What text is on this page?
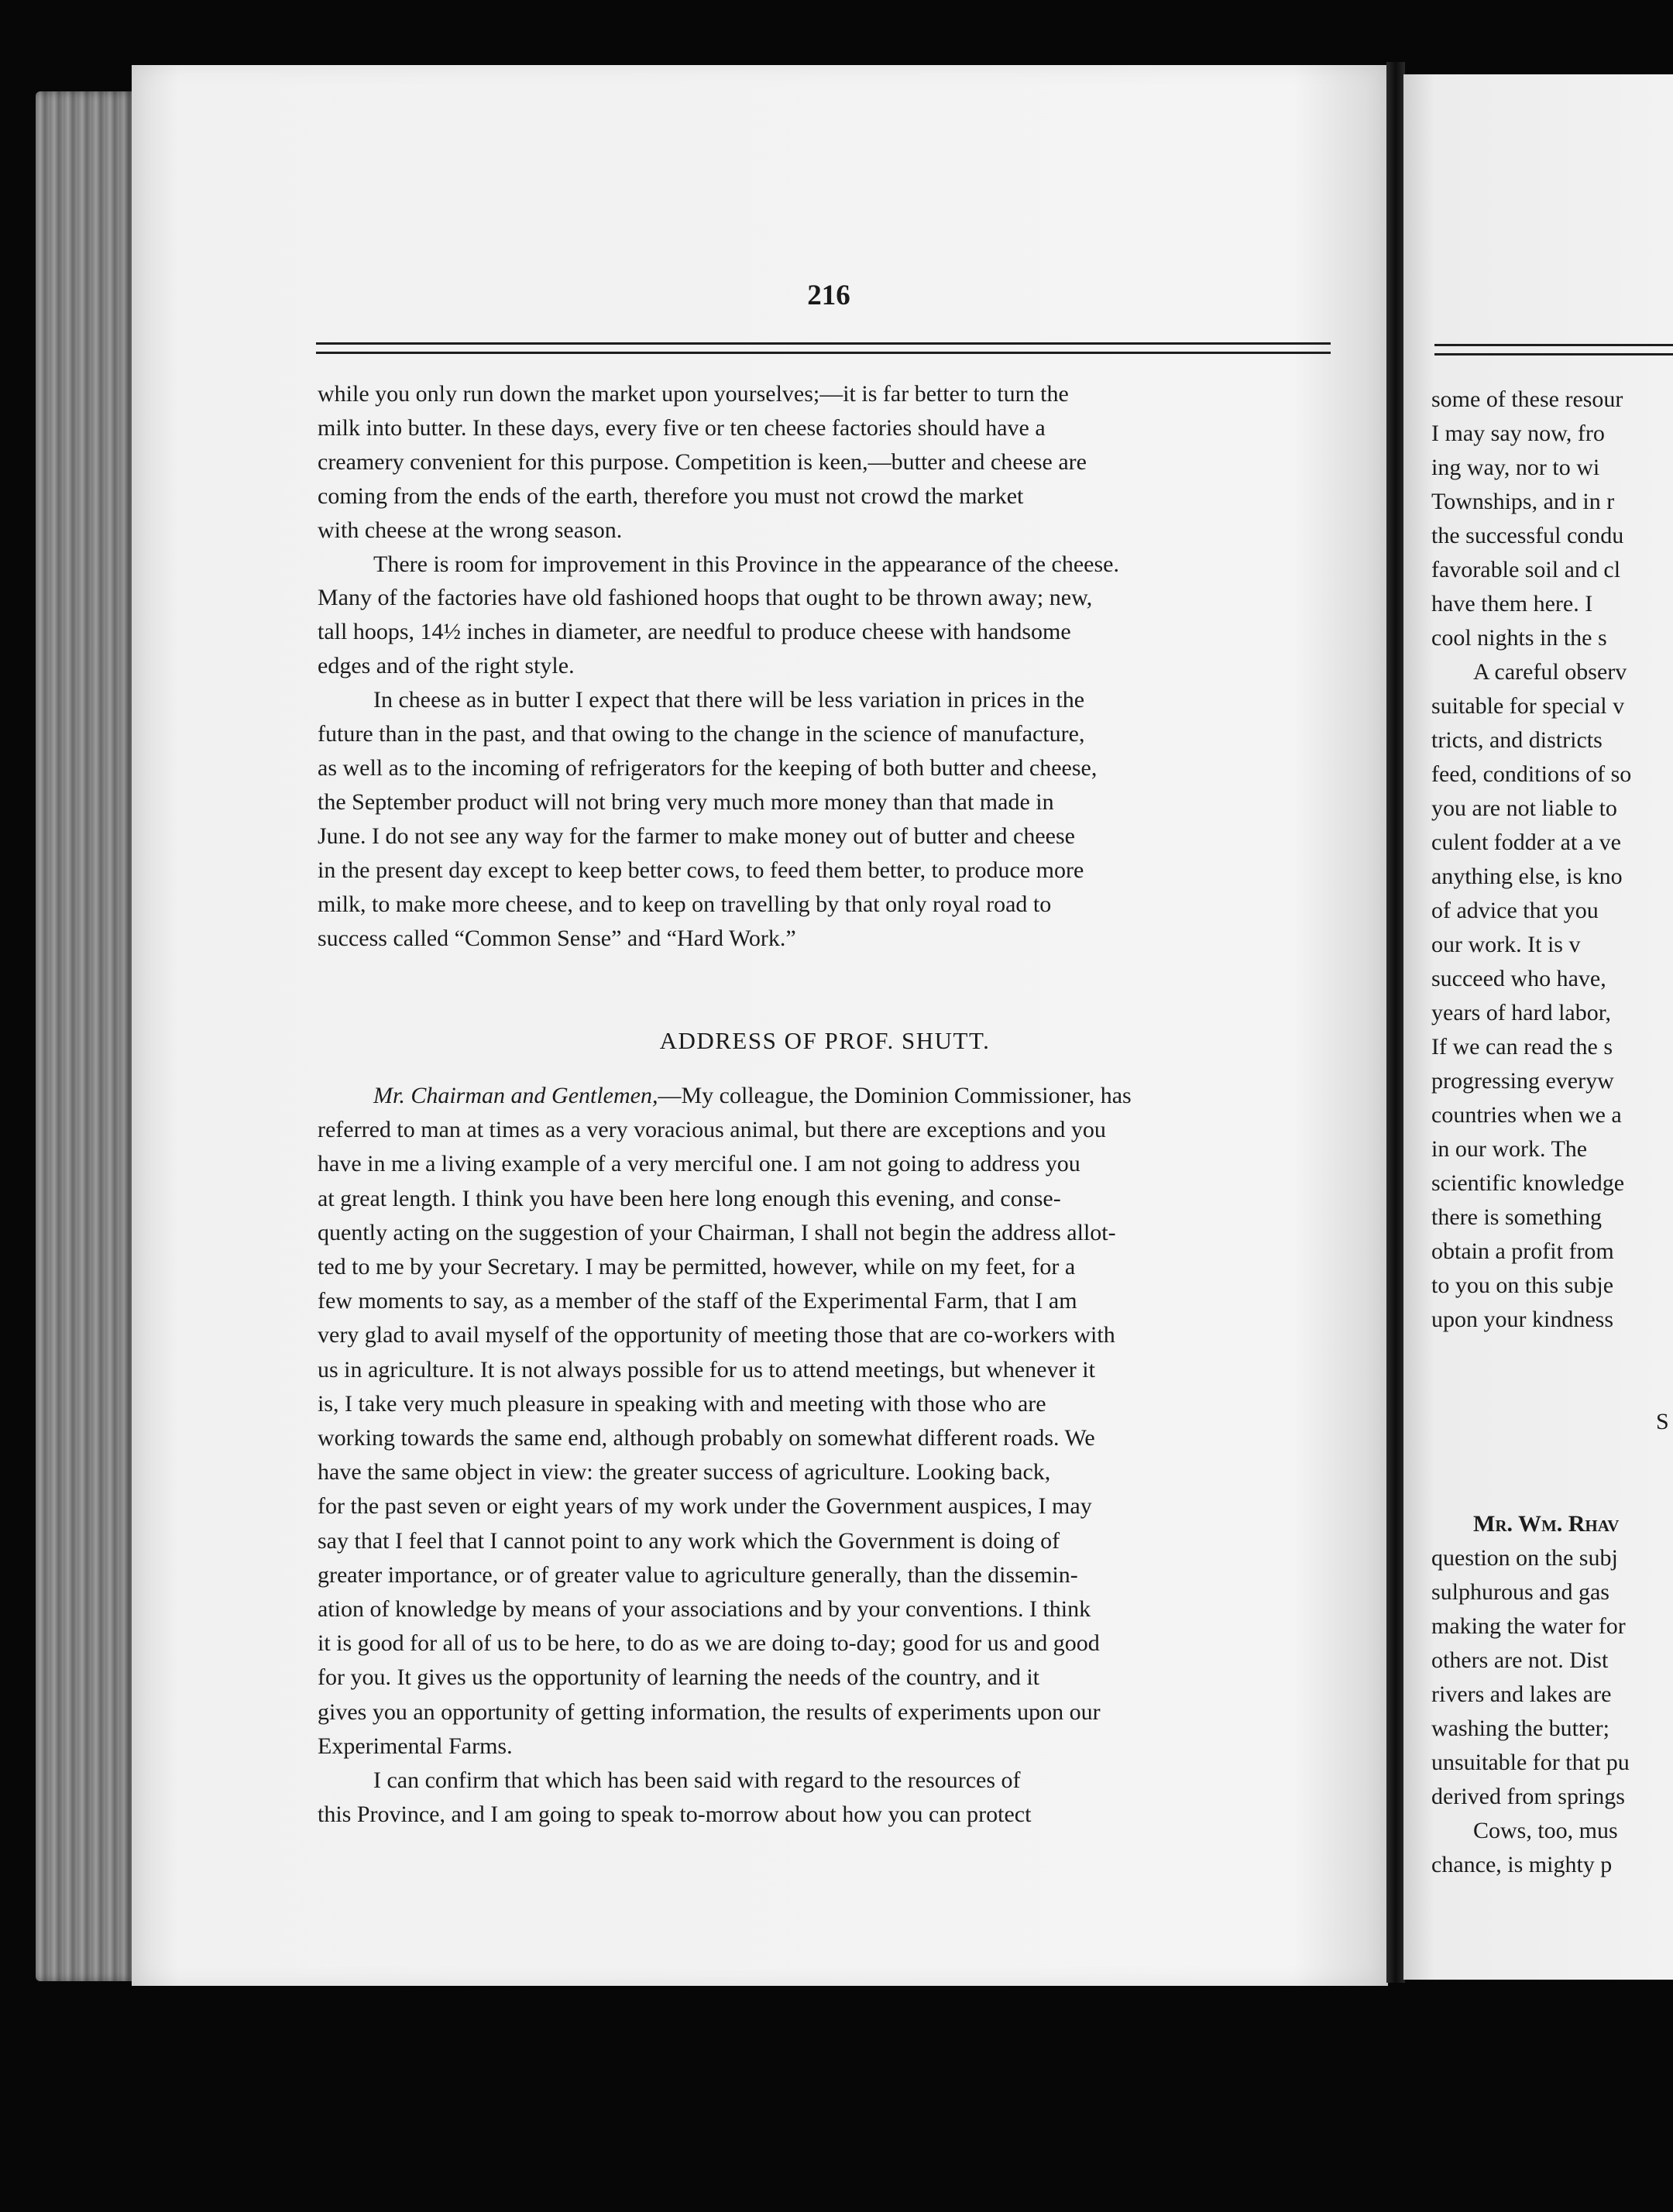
216

while you only run down the market upon yourselves;—it is far better to turn the
milk into butter. In these days, every five or ten cheese factories should have a
creamery convenient for this purpose. Competition is keen,—butter and cheese are
coming from the ends of the earth, therefore you must not crowd the market
with cheese at the wrong season.

There is room for improvement in this Province in the appearance of the cheese.
Many of the factories have old fashioned hoops that ought to be thrown away; new,
tall hoops, 14½ inches in diameter, are needful to produce cheese with handsome
edges and of the right style.

In cheese as in butter I expect that there will be less variation in prices in the
future than in the past, and that owing to the change in the science of manufacture,
as well as to the incoming of refrigerators for the keeping of both butter and cheese,
the September product will not bring very much more money than that made in
June. I do not see any way for the farmer to make money out of butter and cheese
in the present day except to keep better cows, to feed them better, to produce more
milk, to make more cheese, and to keep on travelling by that only royal road to
success called “Common Sense” and “Hard Work.”

ADDRESS OF PROF. SHUTT.

Mr. Chairman and Gentlemen,—My colleague, the Dominion Commissioner, has
referred to man at times as a very voracious animal, but there are exceptions and you
have in me a living example of a very merciful one. I am not going to address you
at great length. I think you have been here long enough this evening, and conse-
quently acting on the suggestion of your Chairman, I shall not begin the address allot-
ted to me by your Secretary. I may be permitted, however, while on my feet, for a
few moments to say, as a member of the staff of the Experimental Farm, that I am
very glad to avail myself of the opportunity of meeting those that are co-workers with
us in agriculture. It is not always possible for us to attend meetings, but whenever it
is, I take very much pleasure in speaking with and meeting with those who are
working towards the same end, although probably on somewhat different roads. We
have the same object in view: the greater success of agriculture. Looking back,
for the past seven or eight years of my work under the Government auspices, I may
say that I feel that I cannot point to any work which the Government is doing of
greater importance, or of greater value to agriculture generally, than the dissemin-
ation of knowledge by means of your associations and by your conventions. I think
it is good for all of us to be here, to do as we are doing to-day; good for us and good
for you. It gives us the opportunity of learning the needs of the country, and it
gives you an opportunity of getting information, the results of experiments upon our
Experimental Farms.

I can confirm that which has been said with regard to the resources of
this Province, and I am going to speak to-morrow about how you can protect

some of these resour
I may say now, fro
ing way, nor to wi
Townships, and in r
the successful condu
favorable soil and cl
have them here. I
cool nights in the s
A careful observ
suitable for special v
tricts, and districts
feed, conditions of so
you are not liable to
culent fodder at a ve
anything else, is kno
of advice that you
our work. It is v
succeed who have,
years of hard labor,
If we can read the s
progressing everyw
countries when we a
in our work. The
scientific knowledge
there is something
obtain a profit from
to you on this subje
upon your kindness
S
Mr. Wm. Rhav
question on the subj
sulphurous and gas
making the water for
others are not. Dist
rivers and lakes are
washing the butter;
unsuitable for that pu
derived from springs
Cows, too, mus
chance, is mighty p
